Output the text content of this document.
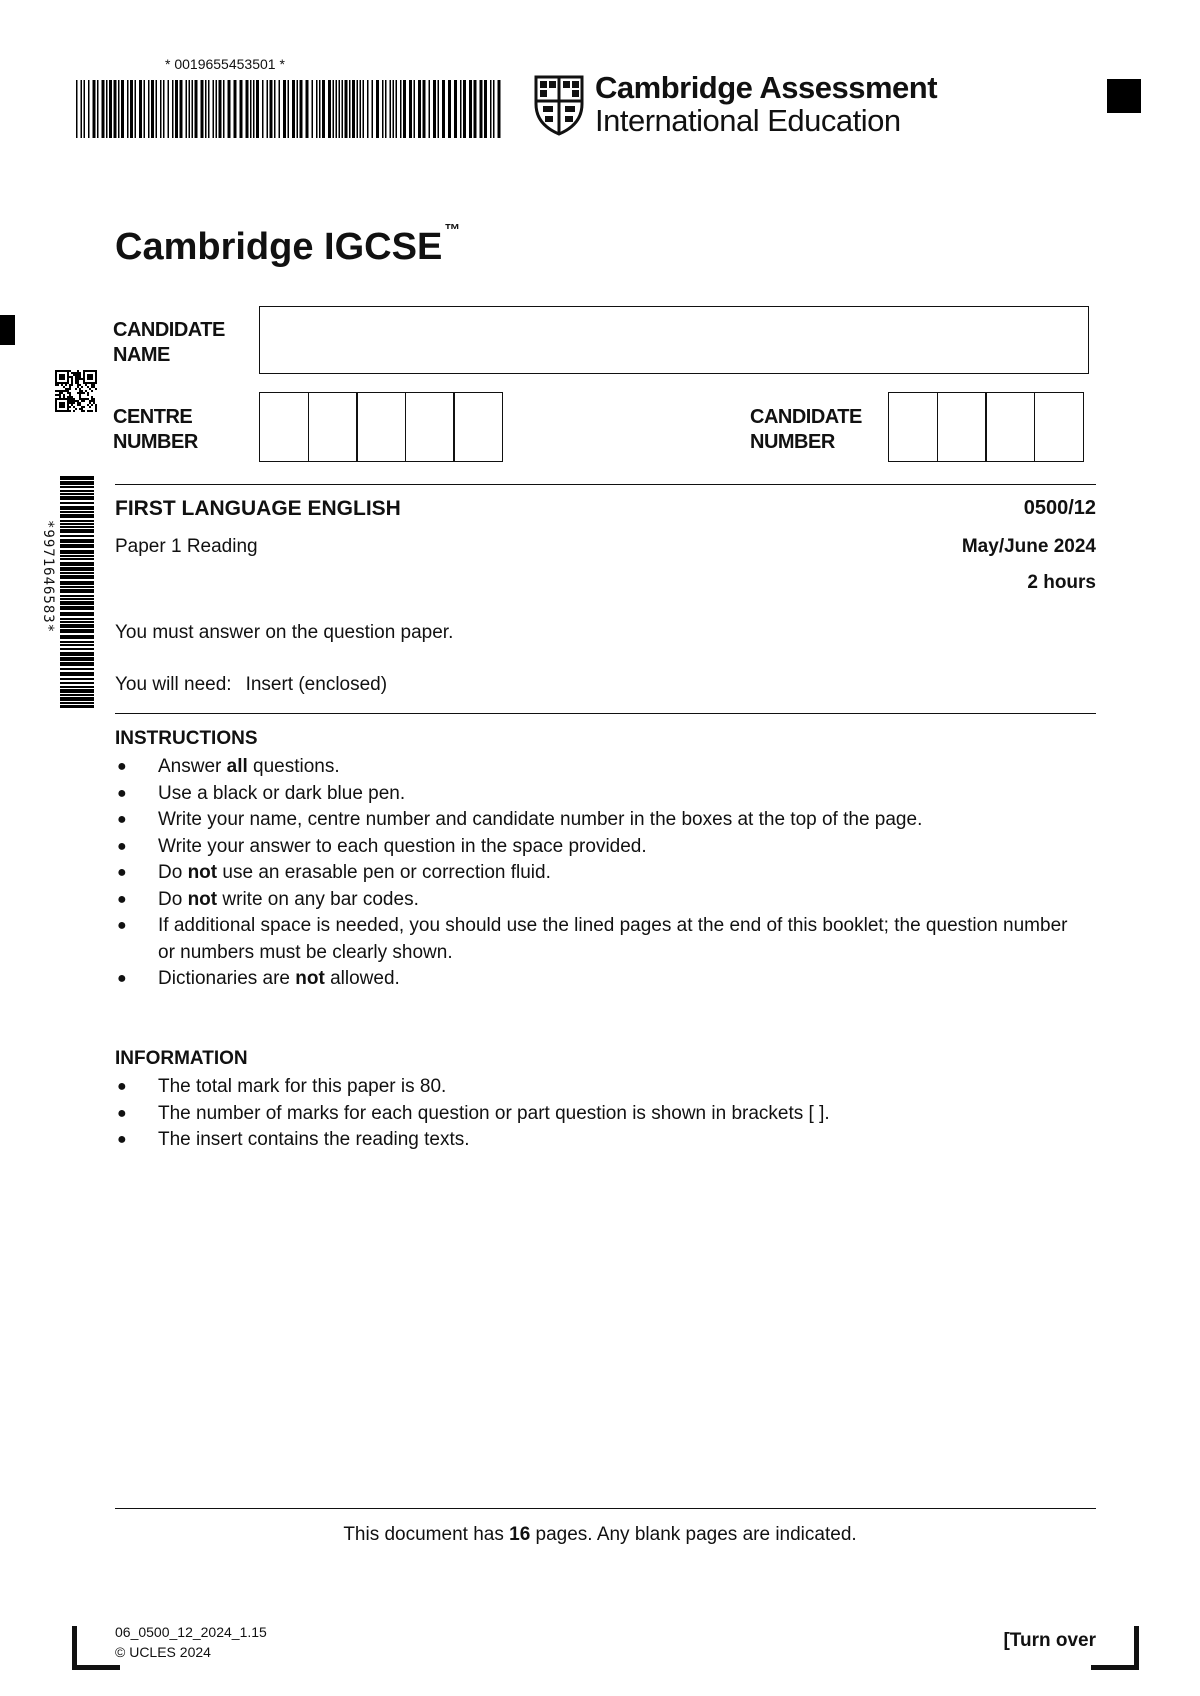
* 0019655453501 *
Cambridge Assessment
International Education
Cambridge IGCSE ™
*9971646583*
CANDIDATE
NAME
CENTRE
NUMBER
CANDIDATE
NUMBER
FIRST LANGUAGE ENGLISH
Paper 1 Reading
0500/12
May/June 2024
2 hours
You must answer on the question paper.
You will need: Insert (enclosed)
INSTRUCTIONS
● Answer all questions.
● Use a black or dark blue pen.
● Write your name, centre number and candidate number in the boxes at the top of the page.
● Write your answer to each question in the space provided.
● Do not use an erasable pen or correction fluid.
● Do not write on any bar codes.
● If additional space is needed, you should use the lined pages at the end of this booklet; the question number or numbers must be clearly shown.
● Dictionaries are not allowed.
INFORMATION
● The total mark for this paper is 80.
● The number of marks for each question or part question is shown in brackets [ ].
● The insert contains the reading texts.
This document has 16 pages. Any blank pages are indicated.
06_0500_12_2024_1.15
© UCLES 2024
[Turn over
